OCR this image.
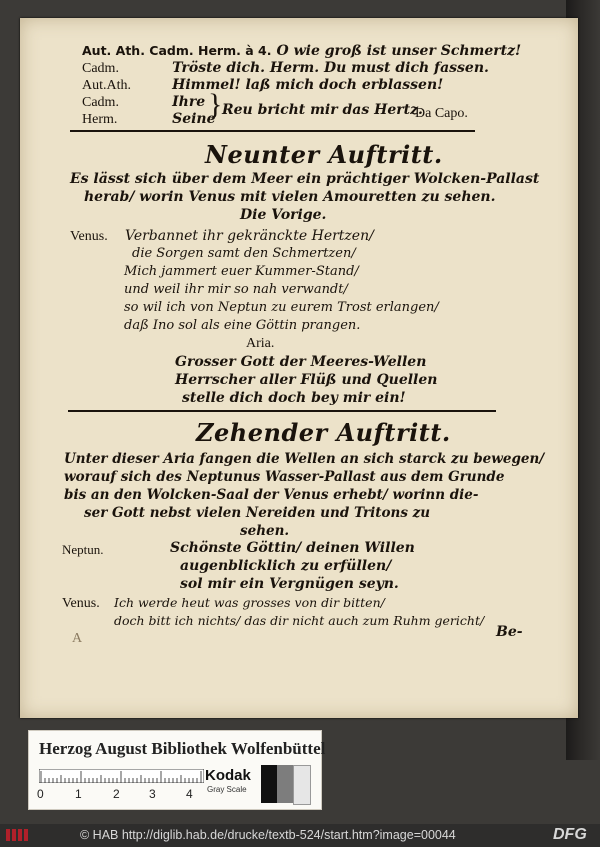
Aut. Ath. Cadm. Herm. à 4. O wie groß ist unser Schmertz!
Cadm.	Tröste dich. Herm. Du must dich fassen.
Aut.Ath.	Himmel! laß mich doch erblassen!
Cadm.	Ihre
Herm.	Seine
} Reu bricht mir das Hertz.
Da Capo.
Neunter Auftritt.
Es lässt sich über dem Meer ein prächtiger Wolcken-Pallast
herab/ worin Venus mit vielen Amouretten zu sehen.
Die Vorige.
Venus. Verbannet ihr gekränckte Hertzen/
die Sorgen samt den Schmertzen/
Mich jammert euer Kummer-Stand/
und weil ihr mir so nah verwandt/
so wil ich von Neptun zu eurem Trost erlangen/
daß Ino sol als eine Göttin prangen.
Aria.
Grosser Gott der Meeres-Wellen
Herrscher aller Flüß und Quellen
stelle dich doch bey mir ein!
Zehender Auftritt.
Unter dieser Aria fangen die Wellen an sich starck zu bewegen/
worauf sich des Neptunus Wasser-Pallast aus dem Grunde
bis an den Wolcken-Saal der Venus erhebt/ worinn die-
ser Gott nebst vielen Nereiden und Tritons zu
sehen.
Neptun.	Schönste Göttin/ deinen Willen
augenblicklich zu erfüllen/
sol mir ein Vergnügen seyn.
Venus. Ich werde heut was grosses von dir bitten/
doch bitt ich nichts/ das dir nicht auch zum Ruhm gericht/
A	Be-
Herzog August Bibliothek Wolfenbüttel
0	1	2 3	4
Kodak
Gray Scale
© HAB http://diglib.hab.de/drucke/textb-524/start.htm?image=00044	DFG
